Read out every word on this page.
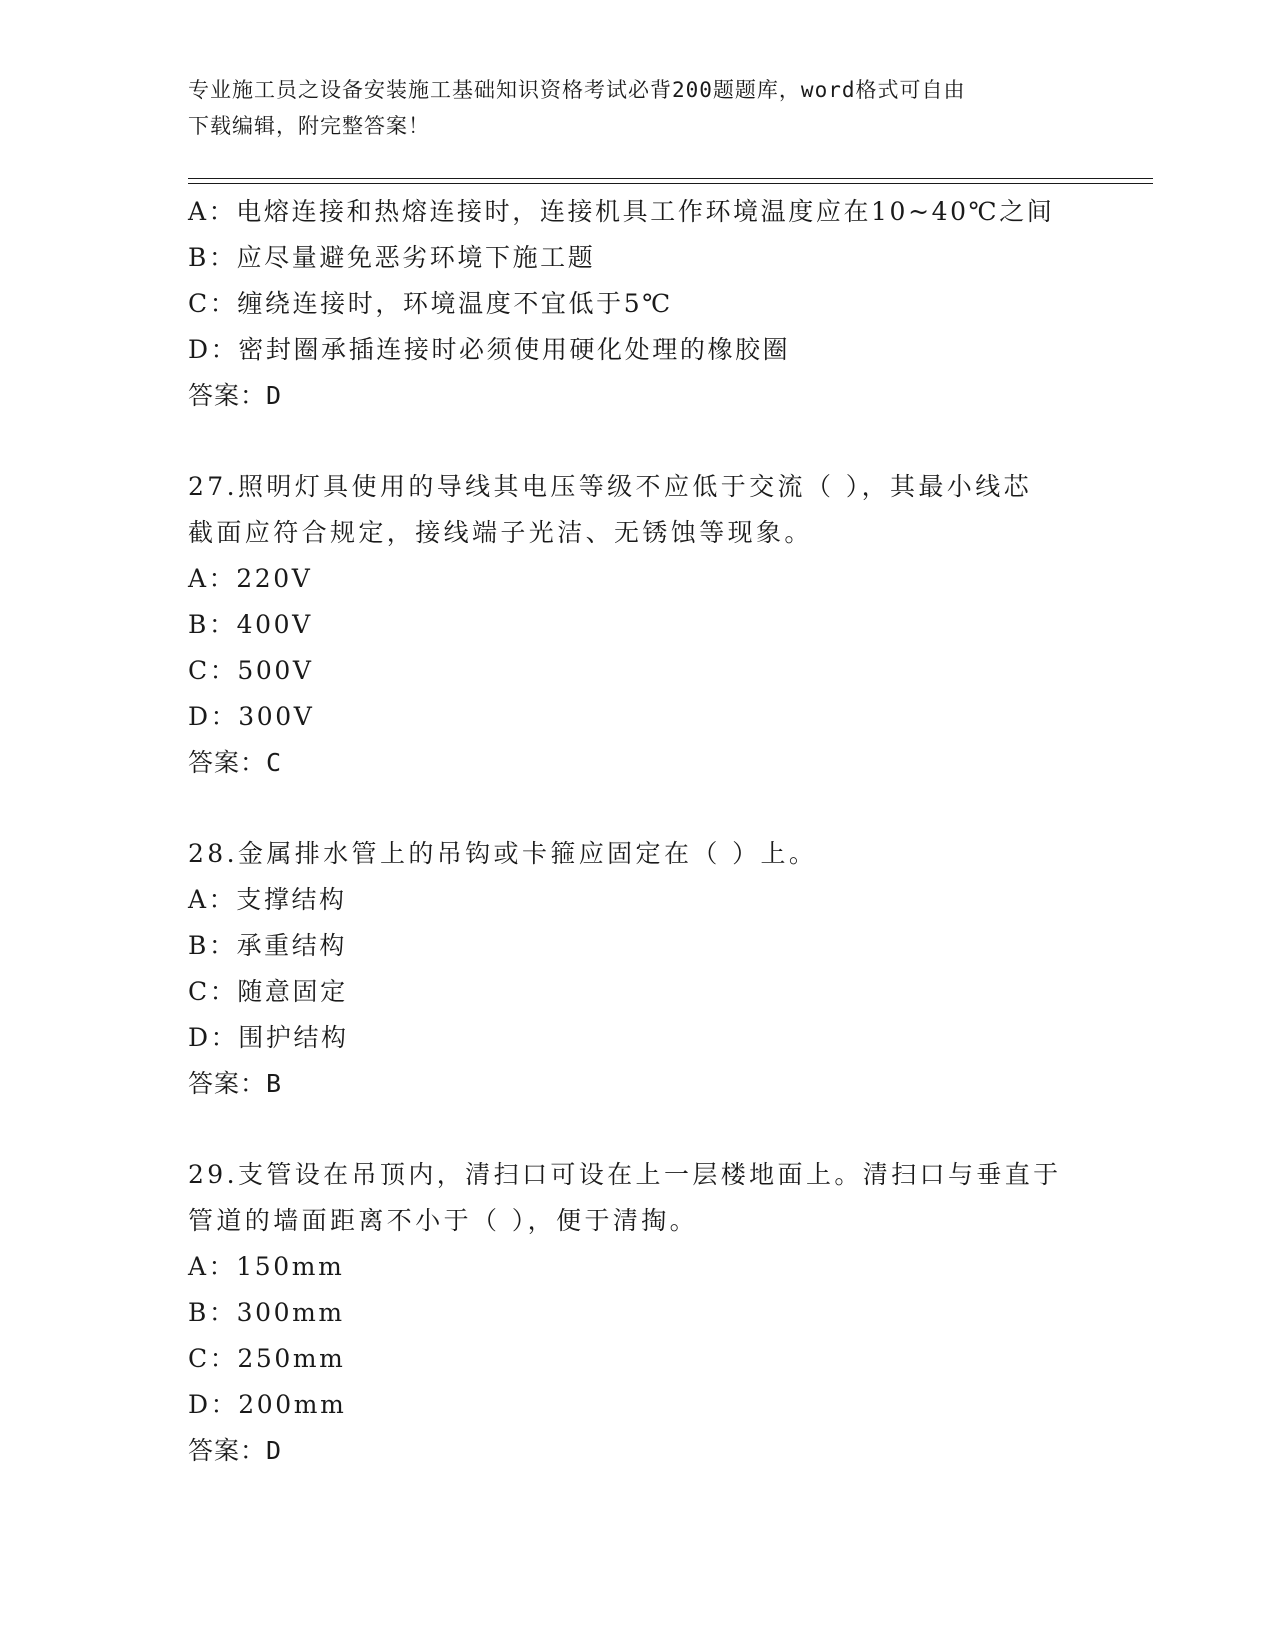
专业施工员之设备安装施工基础知识资格考试必背200题题库，word格式可自由
下载编辑，附完整答案！
A：电熔连接和热熔连接时，连接机具工作环境温度应在10~40℃之间
B：应尽量避免恶劣环境下施工题
C：缠绕连接时，环境温度不宜低于5℃
D：密封圈承插连接时必须使用硬化处理的橡胶圈
答案：D
27.照明灯具使用的导线其电压等级不应低于交流（ ），其最小线芯
截面应符合规定，接线端子光洁、无锈蚀等现象。
A：220V
B：400V
C：500V
D：300V
答案：C
28.金属排水管上的吊钩或卡箍应固定在（ ）上。
A：支撑结构
B：承重结构
C：随意固定
D：围护结构
答案：B
29.支管设在吊顶内，清扫口可设在上一层楼地面上。清扫口与垂直于
管道的墙面距离不小于（ ），便于清掏。
A：150mm
B：300mm
C：250mm
D：200mm
答案：D
